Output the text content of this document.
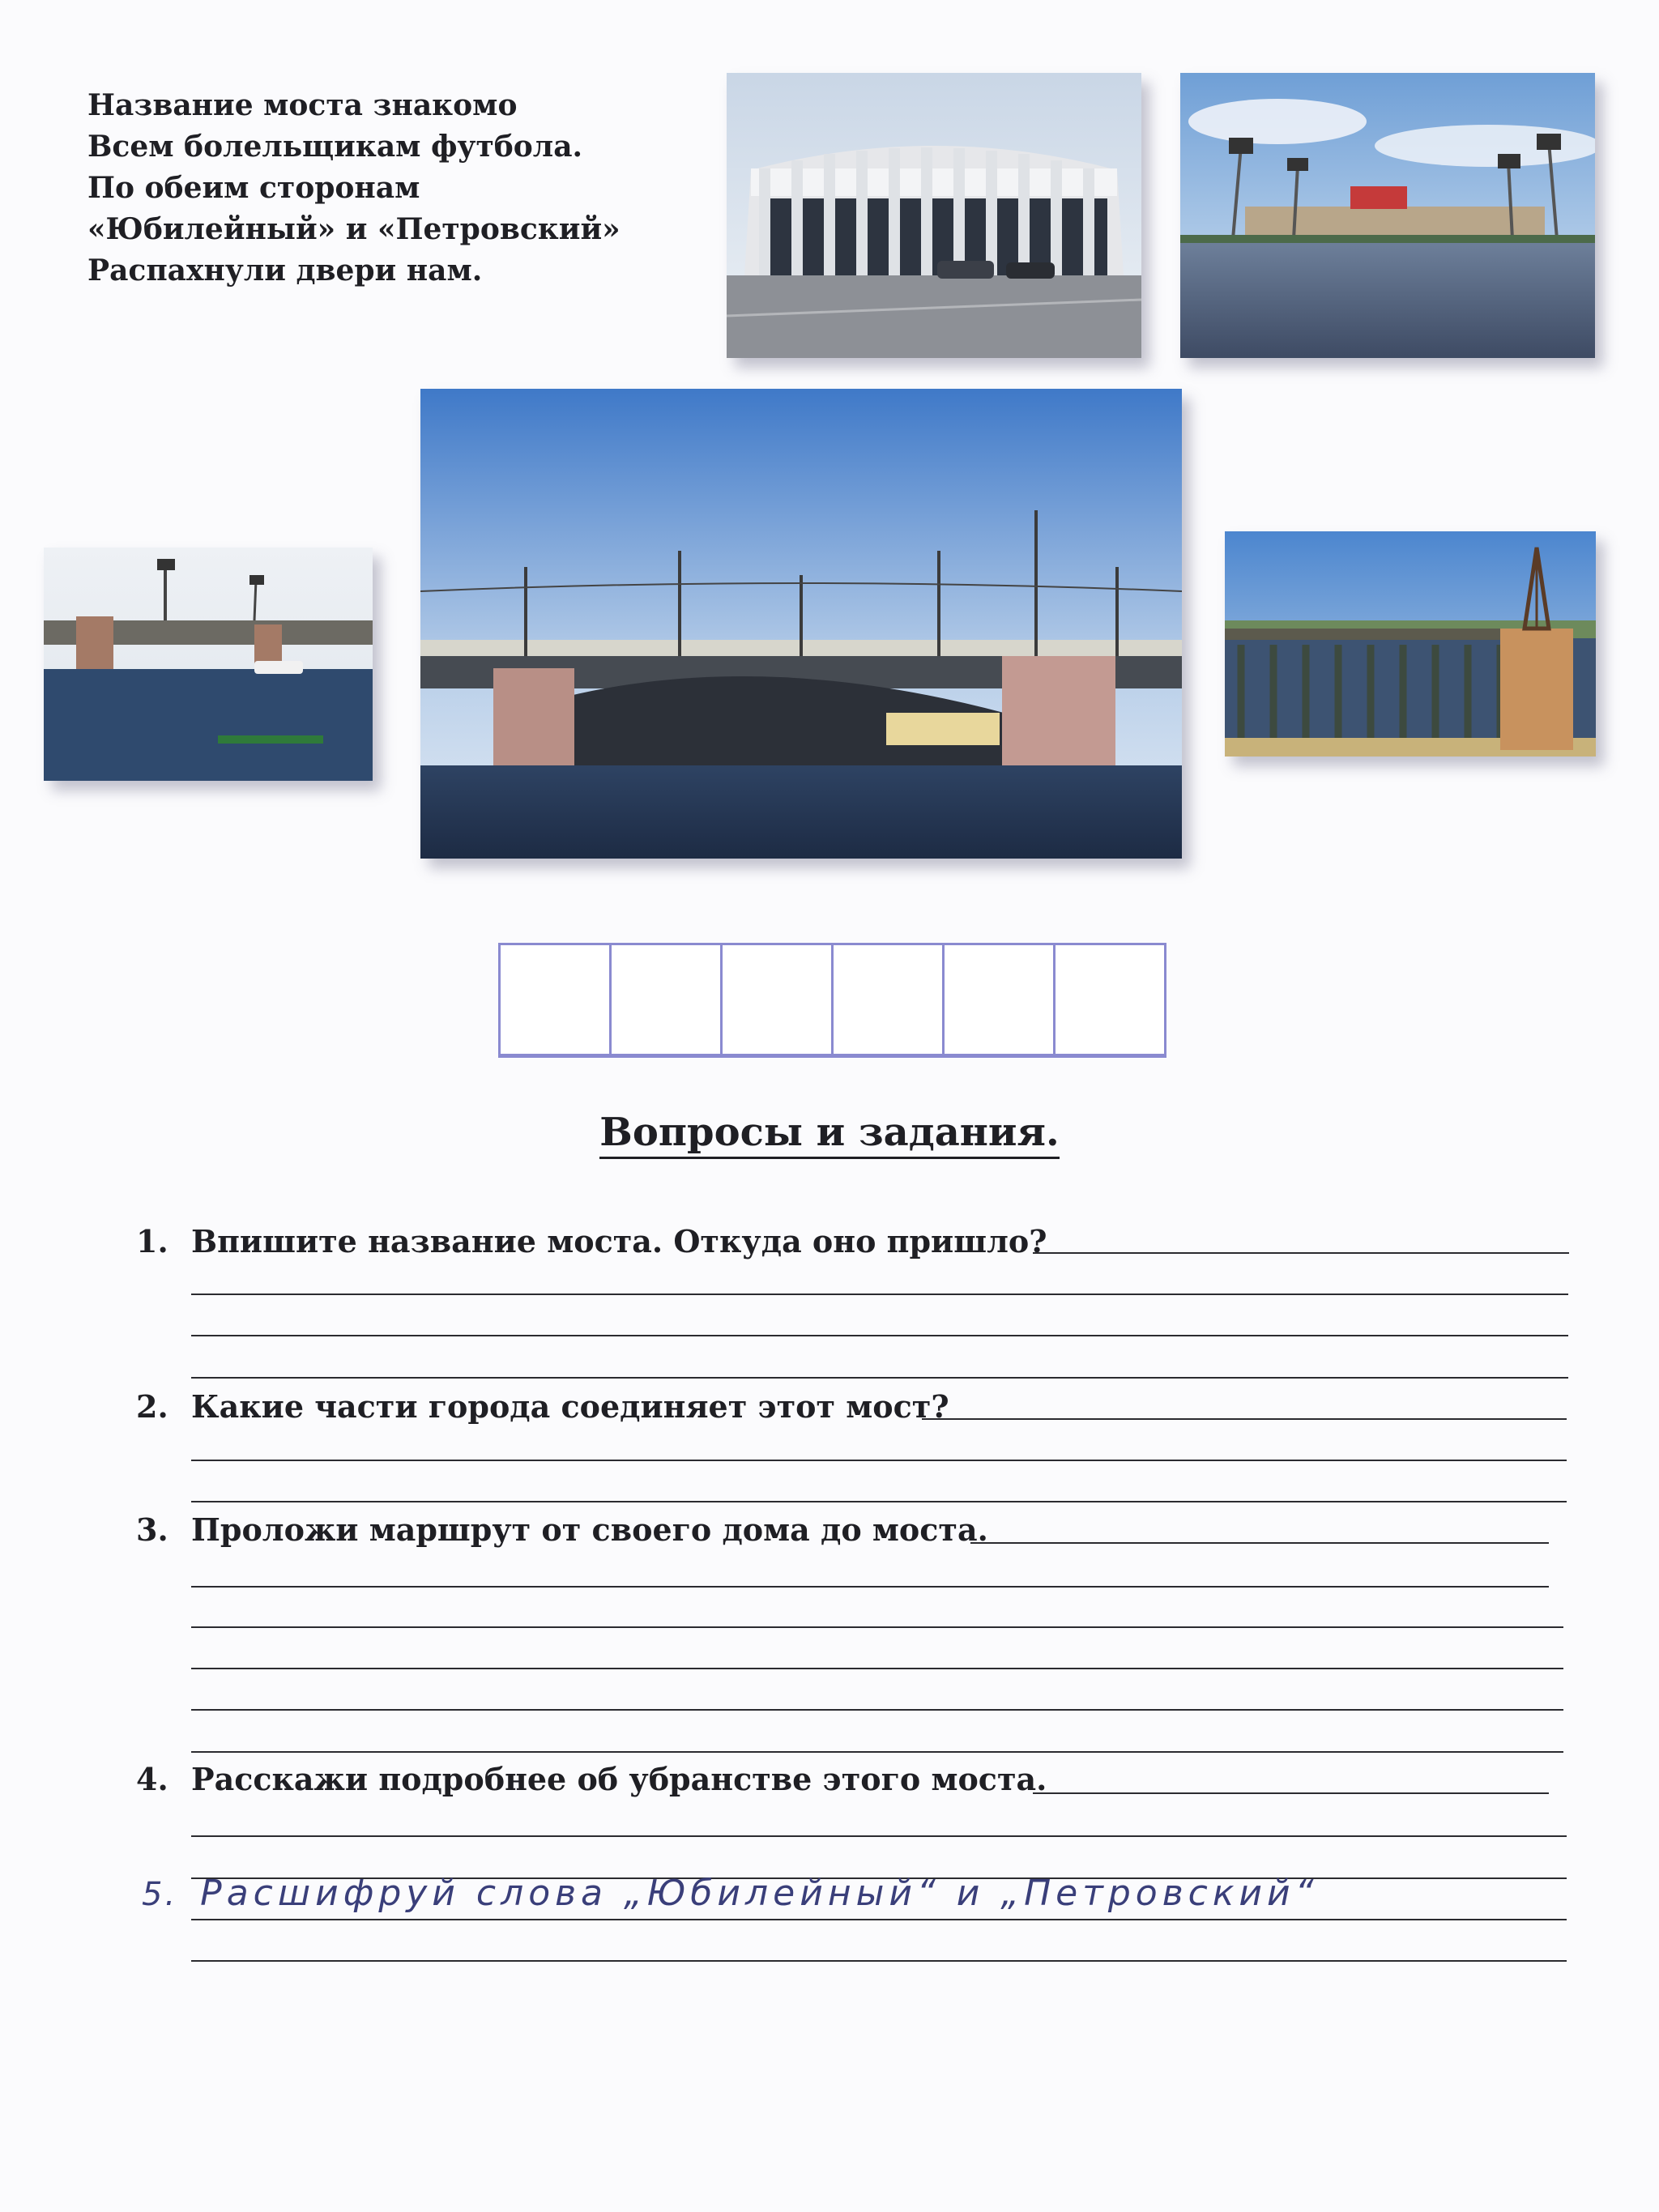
Название моста знакомо
Всем болельщикам футбола.
По обеим сторонам
«Юбилейный» и «Петровский»
Распахнули двери нам.
Вопросы и задания.
1. Впишите название моста. Откуда оно пришло?
2. Какие части города соединяет этот мост?
3. Проложи маршрут от своего дома до моста.
4. Расскажи подробнее об убранстве этого моста.
5. Расшифруй слова „Юбилейный“ и „Петровский“
